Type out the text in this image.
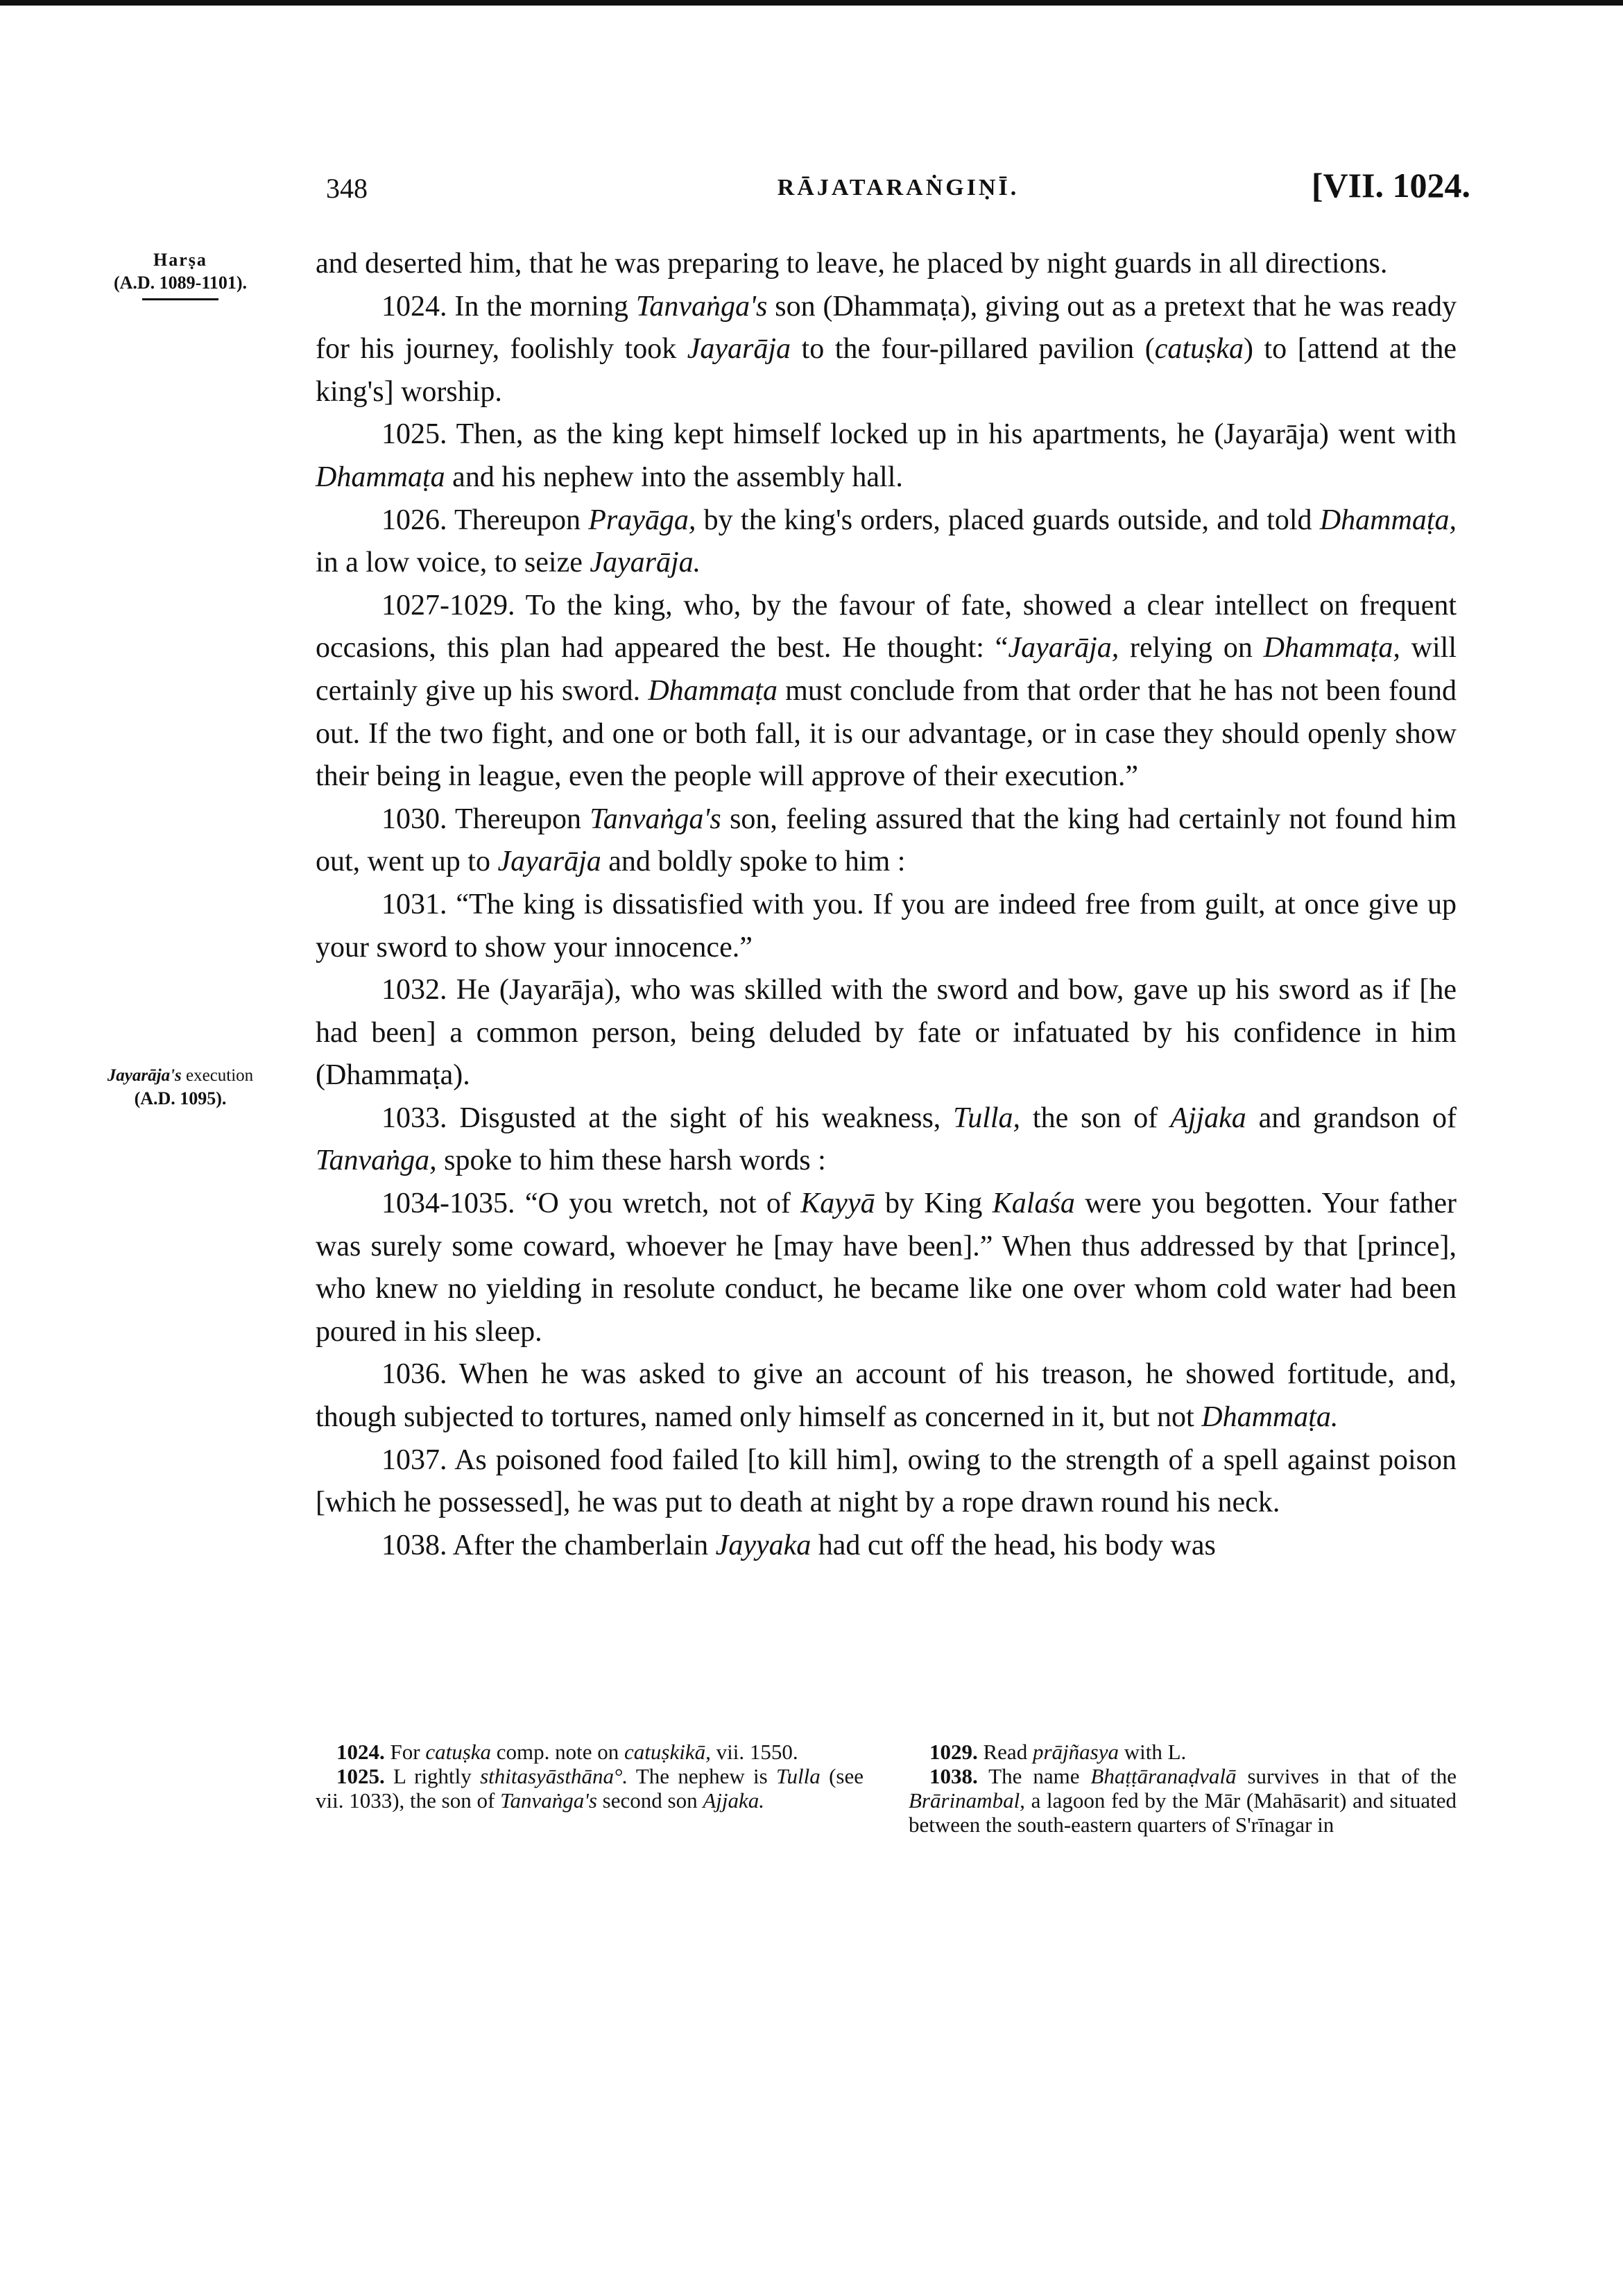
348	RĀJATARAṄGIṆĪ.	[VII. 1024.
Harṣa
(A.D. 1089-1101).
Jayarāja's execution
(A.D. 1095).

and deserted him, that he was preparing to leave, he placed by night guards in all directions.

1024. In the morning Tanvaṅga's son (Dhammaṭa), giving out as a pretext that he was ready for his journey, foolishly took Jayarāja to the four-pillared pavilion (catuṣka) to [attend at the king's] worship.

1025. Then, as the king kept himself locked up in his apartments, he (Jayarāja) went with Dhammaṭa and his nephew into the assembly hall.

1026. Thereupon Prayāga, by the king's orders, placed guards outside, and told Dhammaṭa, in a low voice, to seize Jayarāja.

1027-1029. To the king, who, by the favour of fate, showed a clear intellect on frequent occasions, this plan had appeared the best. He thought: “Jayarāja, relying on Dhammaṭa, will certainly give up his sword. Dhammaṭa must conclude from that order that he has not been found out. If the two fight, and one or both fall, it is our advantage, or in case they should openly show their being in league, even the people will approve of their execution.”

1030. Thereupon Tanvaṅga's son, feeling assured that the king had certainly not found him out, went up to Jayarāja and boldly spoke to him :

1031. “The king is dissatisfied with you. If you are indeed free from guilt, at once give up your sword to show your innocence.”

1032. He (Jayarāja), who was skilled with the sword and bow, gave up his sword as if [he had been] a common person, being deluded by fate or infatuated by his confidence in him (Dhammaṭa).

1033. Disgusted at the sight of his weakness, Tulla, the son of Ajjaka and grandson of Tanvaṅga, spoke to him these harsh words :

1034-1035. “O you wretch, not of Kayyā by King Kalaśa were you begotten. Your father was surely some coward, whoever he [may have been].” When thus addressed by that [prince], who knew no yielding in resolute conduct, he became like one over whom cold water had been poured in his sleep.

1036. When he was asked to give an account of his treason, he showed fortitude, and, though subjected to tortures, named only himself as concerned in it, but not Dhammaṭa.

1037. As poisoned food failed [to kill him], owing to the strength of a spell against poison [which he possessed], he was put to death at night by a rope drawn round his neck.

1038. After the chamberlain Jayyaka had cut off the head, his body was

1024. For catuṣka comp. note on catuṣkikā, vii. 1550.

1025. L rightly sthitasyāsthāna°. The nephew is Tulla (see vii. 1033), the son of Tanvaṅga's second son Ajjaka.

1029. Read prājñasya with L.

1038. The name Bhaṭṭāranaḍvalā survives in that of the Brārinambal, a lagoon fed by the Mār (Mahāsarit) and situated between the south-eastern quarters of S'rīnagar in
